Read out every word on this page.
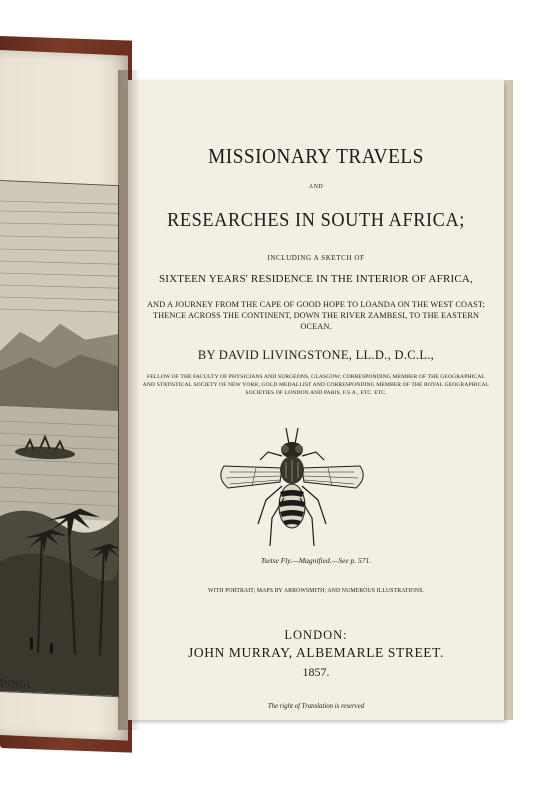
DING).
MISSIONARY TRAVELS
AND
RESEARCHES IN SOUTH AFRICA;
INCLUDING A SKETCH OF
SIXTEEN YEARS' RESIDENCE IN THE INTERIOR OF AFRICA,
AND A JOURNEY FROM THE CAPE OF GOOD HOPE TO LOANDA ON THE WEST COAST; THENCE ACROSS THE CONTINENT, DOWN THE RIVER ZAMBESI, TO THE EASTERN OCEAN.
BY DAVID LIVINGSTONE, LL.D., D.C.L.,
FELLOW OF THE FACULTY OF PHYSICIANS AND SURGEONS, GLASGOW; CORRESPONDING MEMBER OF THE GEOGRAPHICAL AND STATISTICAL SOCIETY OF NEW YORK; GOLD MEDALLIST AND CORRESPONDING MEMBER OF THE ROYAL GEOGRAPHICAL SOCIETIES OF LONDON AND PARIS, F.S.A., ETC. ETC.
Tsetse Fly.—Magnified.—See p. 571.
WITH PORTRAIT; MAPS BY ARROWSMITH; AND NUMEROUS ILLUSTRATIONS.
LONDON:
JOHN MURRAY, ALBEMARLE STREET.
1857.
The right of Translation is reserved
